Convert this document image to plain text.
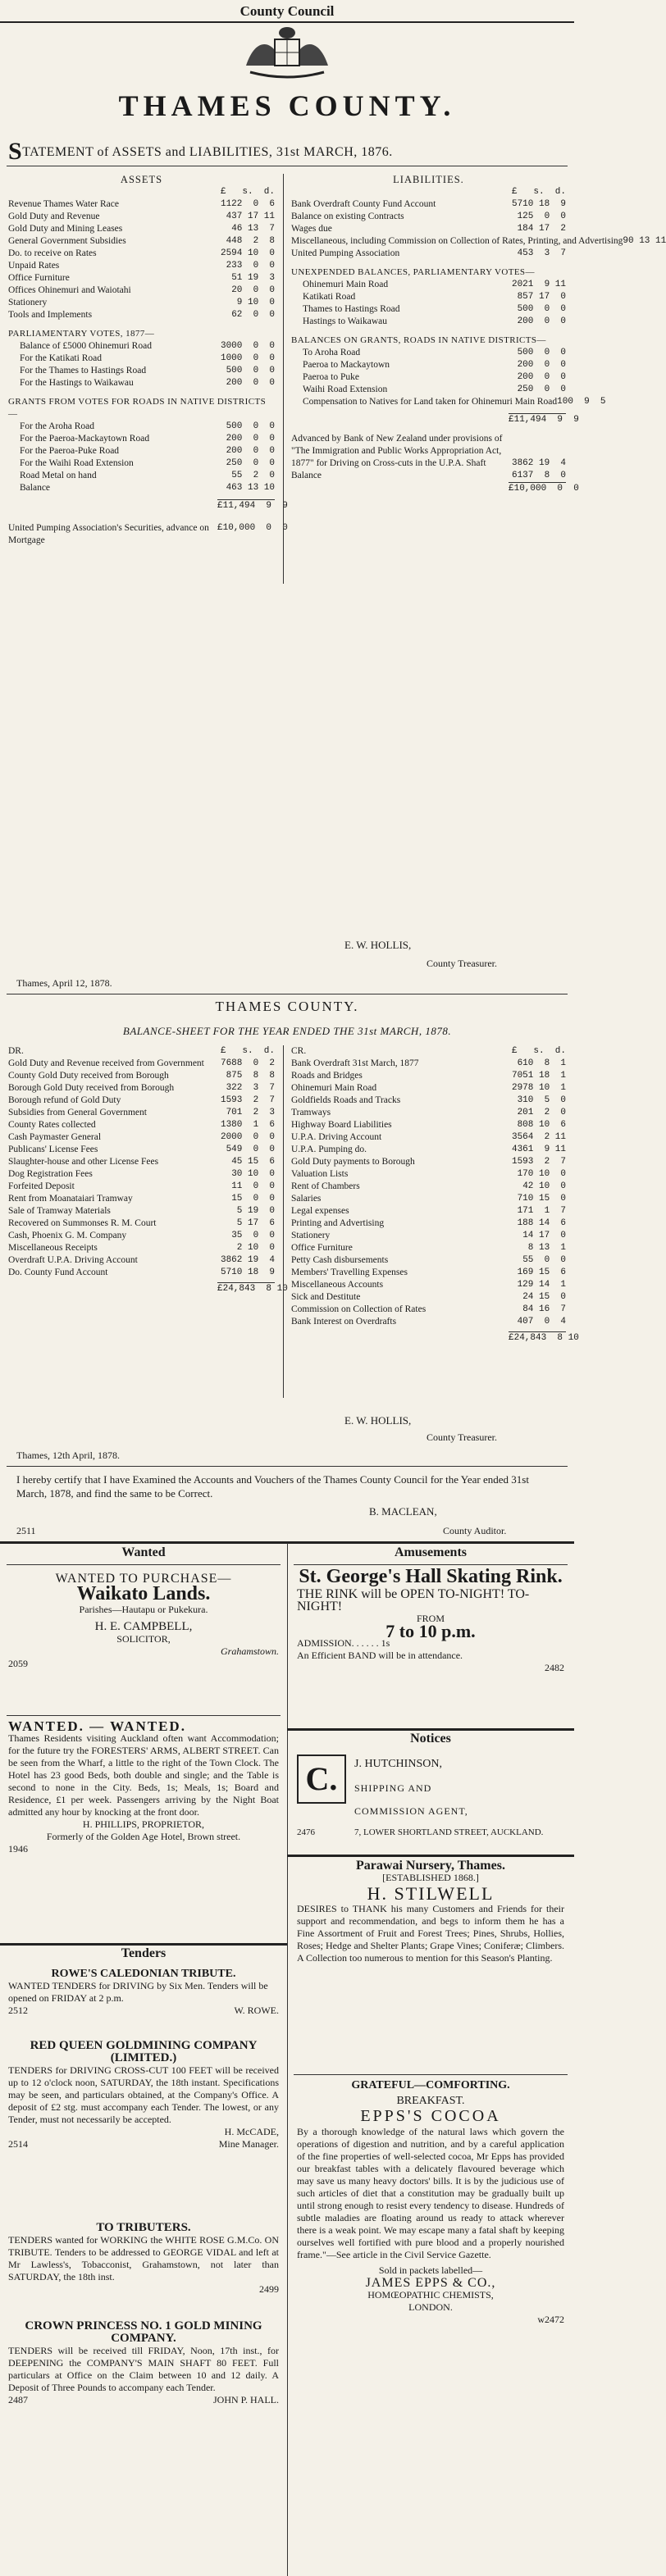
County Council
THAMES COUNTY.
STATEMENT of ASSETS and LIABILITIES, 31st MARCH, 1876.
ASSETS
£   s.  d.
Revenue Thames Water Race	1122  0  6
Gold Duty and Revenue	437 17 11
Gold Duty and Mining Leases	46 13  7
General Government Subsidies	448  2  8
Do. to receive on Rates	2594 10  0
Unpaid Rates	233  0  0
Office Furniture	51 19  3
Offices Ohinemuri and Waiotahi	20  0  0
Stationery	9 10  0
Tools and Implements	62  0  0
PARLIAMENTARY VOTES, 1877—
Balance of £5000 Ohinemuri Road	3000  0  0
For the Katikati Road	1000  0  0
For the Thames to Hastings Road	500  0  0
For the Hastings to Waikawau	200  0  0
GRANTS FROM VOTES FOR ROADS IN NATIVE DISTRICTS—
For the Aroha Road	500  0  0
For the Paeroa-Mackaytown Road	200  0  0
For the Paeroa-Puke Road	200  0  0
For the Waihi Road Extension	250  0  0
Road Metal on hand	55  2  0
Balance	463 13 10
£11,494  9  9
United Pumping Association's Securities, advance on Mortgage
£10,000  0  0
LIABILITIES.
£   s.  d.
Bank Overdraft County Fund Account	5710 18  9
Balance on existing Contracts	125  0  0
Wages due	184 17  2
Miscellaneous, including Commission on Collection of Rates, Printing, and Advertising 90 13 11
United Pumping Association	453  3  7
UNEXPENDED BALANCES, PARLIAMENTARY VOTES—
Ohinemuri Main Road	2021  9 11
Katikati Road	857 17  0
Thames to Hastings Road	500  0  0
Hastings to Waikawau	200  0  0
BALANCES ON GRANTS, ROADS IN NATIVE DISTRICTS—
To Aroha Road	500  0  0
Paeroa to Mackaytown	200  0  0
Paeroa to Puke	200  0  0
Waihi Road Extension	250  0  0
Compensation to Natives for Land taken for Ohinemuri Main Road 100  9  5
£11,494  9  9
Advanced by Bank of New Zealand under provisions of "The Immigration and Public Works Appropriation Act, 1877" for Driving on Cross-cuts in the U.P.A. Shaft	3862 19  4
Balance	6137  8  0
£10,000  0  0
E. W. HOLLIS,
County Treasurer.
Thames, April 12, 1878.
THAMES COUNTY.
BALANCE-SHEET FOR THE YEAR ENDED THE 31st MARCH, 1878.
DR.	£   s.  d.
Gold Duty and Revenue received from Government	7688  0  2
County Gold Duty received from Borough	875  8  8
Borough Gold Duty received from Borough	322  3  7
Borough refund of Gold Duty	1593  2  7
Subsidies from General Government	701  2  3
County Rates collected	1380  1  6
Cash Paymaster General	2000  0  0
Publicans' License Fees	549  0  0
Slaughter-house and other License Fees	45 15  6
Dog Registration Fees	30 10  0
Forfeited Deposit	11  0  0
Rent from Moanataiari Tramway	15  0  0
Sale of Tramway Materials	5 19  0
Recovered on Summonses R. M. Court	5 17  6
Cash, Phoenix G. M. Company	35  0  0
Miscellaneous Receipts	2 10  0
Overdraft U.P.A. Driving Account	3862 19  4
Do. County Fund Account	5710 18  9
£24,843  8 10
CR.	£   s.  d.
Bank Overdraft 31st March, 1877	610  8  1
Roads and Bridges	7051 18  1
Ohinemuri Main Road	2978 10  1
Goldfields Roads and Tracks	310  5  0
Tramways	201  2  0
Highway Board Liabilities	808 10  6
U.P.A. Driving Account	3564  2 11
U.P.A. Pumping do.	4361  9 11
Gold Duty payments to Borough	1593  2  7
Valuation Lists	170 10  0
Rent of Chambers	42 10  0
Salaries	710 15  0
Legal expenses	171  1  7
Printing and Advertising	188 14  6
Stationery	14 17  0
Office Furniture	8 13  1
Petty Cash disbursements	55  0  0
Members' Travelling Expenses	169 15  6
Miscellaneous Accounts	129 14  1
Sick and Destitute	24 15  0
Commission on Collection of Rates	84 16  7
Bank Interest on Overdrafts	407  0  4
£24,843  8 10
E. W. HOLLIS,
County Treasurer.
Thames, 12th April, 1878.
I hereby certify that I have Examined the Accounts and Vouchers of the Thames County Council for the Year ended 31st March, 1878, and find the same to be Correct.
B. MACLEAN,
2511	County Auditor.
Wanted
WANTED TO PURCHASE—
Waikato Lands.
Parishes—Hautapu or Pukekura.
H. E. CAMPBELL,
SOLICITOR,
Grahamstown.
2059
WANTED. — WANTED.
Thames Residents visiting Auckland often want Accommodation; for the future try the FORESTERS' ARMS, ALBERT STREET. Can be seen from the Wharf, a little to the right of the Town Clock. The Hotel has 23 good Beds, both double and single; and the Table is second to none in the City. Beds, 1s; Meals, 1s; Board and Residence, £1 per week. Passengers arriving by the Night Boat admitted any hour by knocking at the front door.
H. PHILLIPS, PROPRIETOR,
Formerly of the Golden Age Hotel, Brown street.
1946
Tenders
ROWE'S CALEDONIAN TRIBUTE.
WANTED TENDERS for DRIVING by Six Men. Tenders will be opened on FRIDAY at 2 p.m.
2512	W. ROWE.
RED QUEEN GOLDMINING COMPANY (LIMITED.)
TENDERS for DRIVING CROSS-CUT 100 FEET will be received up to 12 o'clock noon, SATURDAY, the 18th instant. Specifications may be seen, and particulars obtained, at the Company's Office. A deposit of £2 stg. must accompany each Tender. The lowest, or any Tender, must not necessarily be accepted.
H. McCADE,
2514	Mine Manager.
TO TRIBUTERS.
TENDERS wanted for WORKING the WHITE ROSE G.M.Co. ON TRIBUTE. Tenders to be addressed to GEORGE VIDAL and left at Mr Lawless's, Tobacconist, Grahamstown, not later than SATURDAY, the 18th inst.
2499
CROWN PRINCESS NO. 1 GOLD MINING COMPANY.
TENDERS will be received till FRIDAY, Noon, 17th inst., for DEEPENING the COMPANY'S MAIN SHAFT 80 FEET. Full particulars at Office on the Claim between 10 and 12 daily. A Deposit of Three Pounds to accompany each Tender.
2487	JOHN P. HALL.
Amusements
St. George's Hall Skating Rink.
THE RINK will be OPEN TO-NIGHT! TO-NIGHT!
FROM
7 to 10 p.m.
ADMISSION. . . . . . 1s
An Efficient BAND will be in attendance.
2482
Notices
C.	J. HUTCHINSON,
SHIPPING AND
COMMISSION AGENT,
7, LOWER SHORTLAND STREET, AUCKLAND.
2476
Parawai Nursery, Thames.
[ESTABLISHED 1868.]
H. STILWELL
DESIRES to THANK his many Customers and Friends for their support and recommendation, and begs to inform them he has a Fine Assortment of Fruit and Forest Trees; Pines, Shrubs, Hollies, Roses; Hedge and Shelter Plants; Grape Vines; Coniferæ; Climbers. A Collection too numerous to mention for this Season's Planting.
GRATEFUL—COMFORTING.
BREAKFAST.
EPPS'S COCOA
By a thorough knowledge of the natural laws which govern the operations of digestion and nutrition, and by a careful application of the fine properties of well-selected cocoa, Mr Epps has provided our breakfast tables with a delicately flavoured beverage which may save us many heavy doctors' bills. It is by the judicious use of such articles of diet that a constitution may be gradually built up until strong enough to resist every tendency to disease. Hundreds of subtle maladies are floating around us ready to attack wherever there is a weak point. We may escape many a fatal shaft by keeping ourselves well fortified with pure blood and a properly nourished frame."—See article in the Civil Service Gazette.
Sold in packets labelled—
JAMES EPPS & CO.,
HOMŒOPATHIC CHEMISTS,
LONDON.
w2472
